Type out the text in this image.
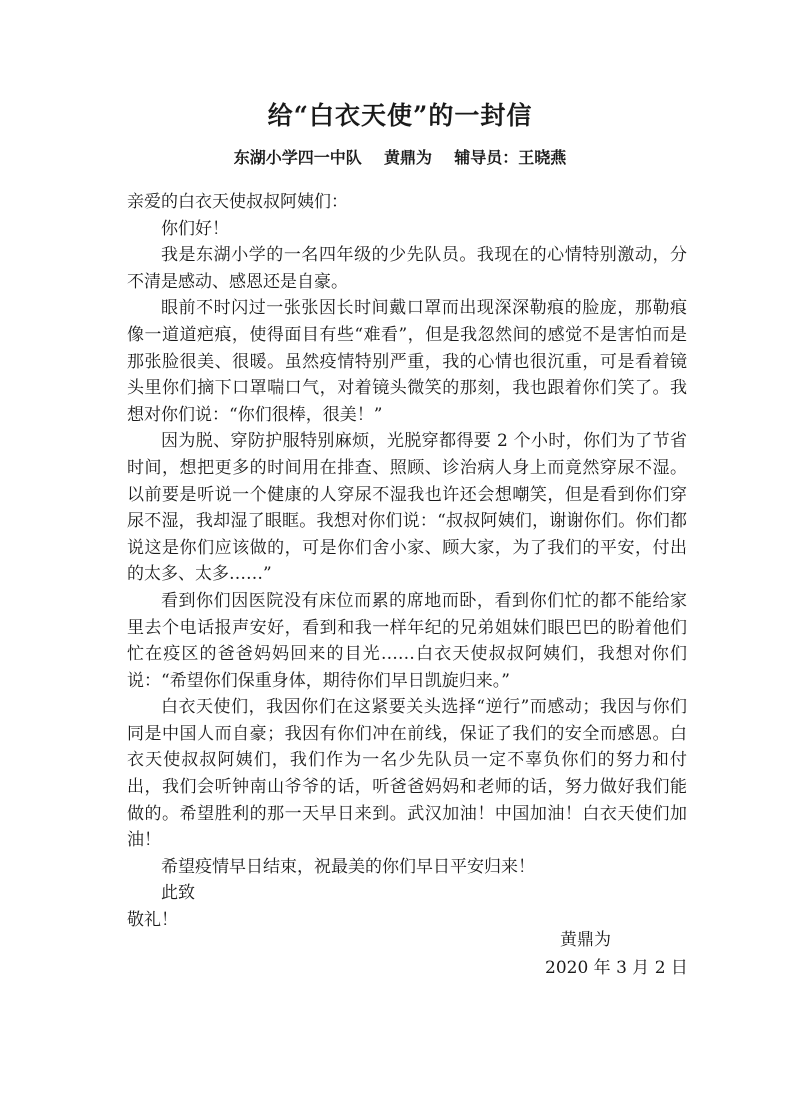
给“白衣天使”的一封信
东湖小学四一中队    黄鼎为    辅导员：王晓燕

亲爱的白衣天使叔叔阿姨们：

你们好！

我是东湖小学的一名四年级的少先队员。我现在的心情特别激动，分不清是感动、感恩还是自豪。

眼前不时闪过一张张因长时间戴口罩而出现深深勒痕的脸庞，那勒痕像一道道疤痕，使得面目有些“难看”，但是我忽然间的感觉不是害怕而是那张脸很美、很暖。虽然疫情特别严重，我的心情也很沉重，可是看着镜头里你们摘下口罩喘口气，对着镜头微笑的那刻，我也跟着你们笑了。我想对你们说：“你们很棒，很美！”

因为脱、穿防护服特别麻烦，光脱穿都得要 2 个小时，你们为了节省时间，想把更多的时间用在排查、照顾、诊治病人身上而竟然穿尿不湿。以前要是听说一个健康的人穿尿不湿我也许还会想嘲笑，但是看到你们穿尿不湿，我却湿了眼眶。我想对你们说：“叔叔阿姨们，谢谢你们。你们都说这是你们应该做的，可是你们舍小家、顾大家，为了我们的平安，付出的太多、太多……”

看到你们因医院没有床位而累的席地而卧，看到你们忙的都不能给家里去个电话报声安好，看到和我一样年纪的兄弟姐妹们眼巴巴的盼着他们忙在疫区的爸爸妈妈回来的目光……白衣天使叔叔阿姨们，我想对你们说：“希望你们保重身体，期待你们早日凯旋归来。”

白衣天使们，我因你们在这紧要关头选择“逆行”而感动；我因与你们同是中国人而自豪；我因有你们冲在前线，保证了我们的安全而感恩。白衣天使叔叔阿姨们，我们作为一名少先队员一定不辜负你们的努力和付出，我们会听钟南山爷爷的话，听爸爸妈妈和老师的话，努力做好我们能做的。希望胜利的那一天早日来到。武汉加油！中国加油！白衣天使们加油！

希望疫情早日结束，祝最美的你们早日平安归来！

此致

敬礼！

黄鼎为
2020 年 3 月 2 日
